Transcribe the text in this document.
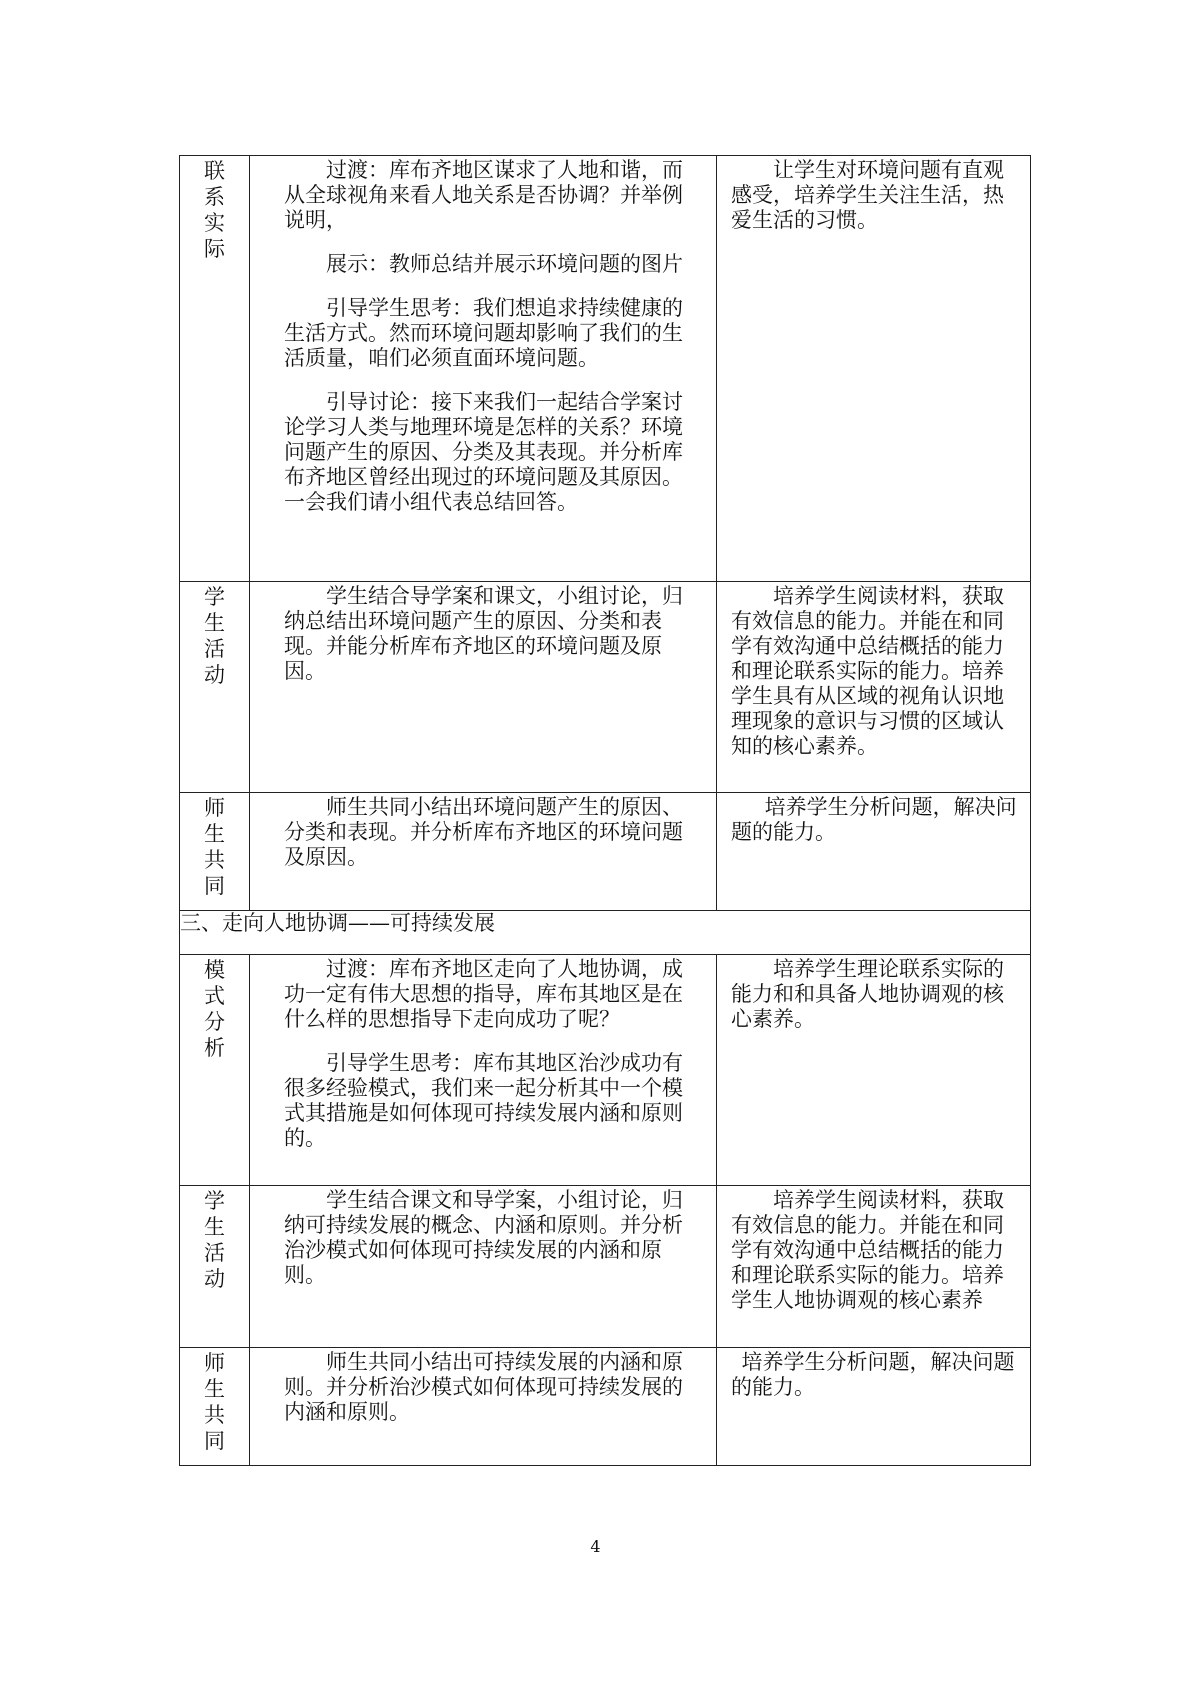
联系实际	过渡：库布齐地区谋求了人地和谐，而从全球视角来看人地关系是否协调？并举例说明，

展示：教师总结并展示环境问题的图片

引导学生思考：我们想追求持续健康的生活方式。然而环境问题却影响了我们的生活质量，咱们必须直面环境问题。

引导讨论：接下来我们一起结合学案讨论学习人类与地理环境是怎样的关系？环境问题产生的原因、分类及其表现。并分析库布齐地区曾经出现过的环境问题及其原因。一会我们请小组代表总结回答。	让学生对环境问题有直观感受，培养学生关注生活，热爱生活的习惯。

学生活动	学生结合导学案和课文，小组讨论，归纳总结出环境问题产生的原因、分类和表现。并能分析库布齐地区的环境问题及原因。	培养学生阅读材料，获取有效信息的能力。并能在和同学有效沟通中总结概括的能力和理论联系实际的能力。培养学生具有从区域的视角认识地理现象的意识与习惯的区域认知的核心素养。

师生共同	师生共同小结出环境问题产生的原因、分类和表现。并分析库布齐地区的环境问题及原因。	培养学生分析问题，解决问题的能力。

三、走向人地协调——可持续发展		
模式分析	过渡：库布齐地区走向了人地协调，成功一定有伟大思想的指导，库布其地区是在什么样的思想指导下走向成功了呢？

引导学生思考：库布其地区治沙成功有很多经验模式，我们来一起分析其中一个模式其措施是如何体现可持续发展内涵和原则的。	培养学生理论联系实际的能力和和具备人地协调观的核心素养。

学生活动	学生结合课文和导学案，小组讨论，归纳可持续发展的概念、内涵和原则。并分析治沙模式如何体现可持续发展的内涵和原则。	培养学生阅读材料，获取有效信息的能力。并能在和同学有效沟通中总结概括的能力和理论联系实际的能力。培养学生人地协调观的核心素养

师生共同	师生共同小结出可持续发展的内涵和原则。并分析治沙模式如何体现可持续发展的内涵和原则。	培养学生分析问题，解决问题的能力。

4
